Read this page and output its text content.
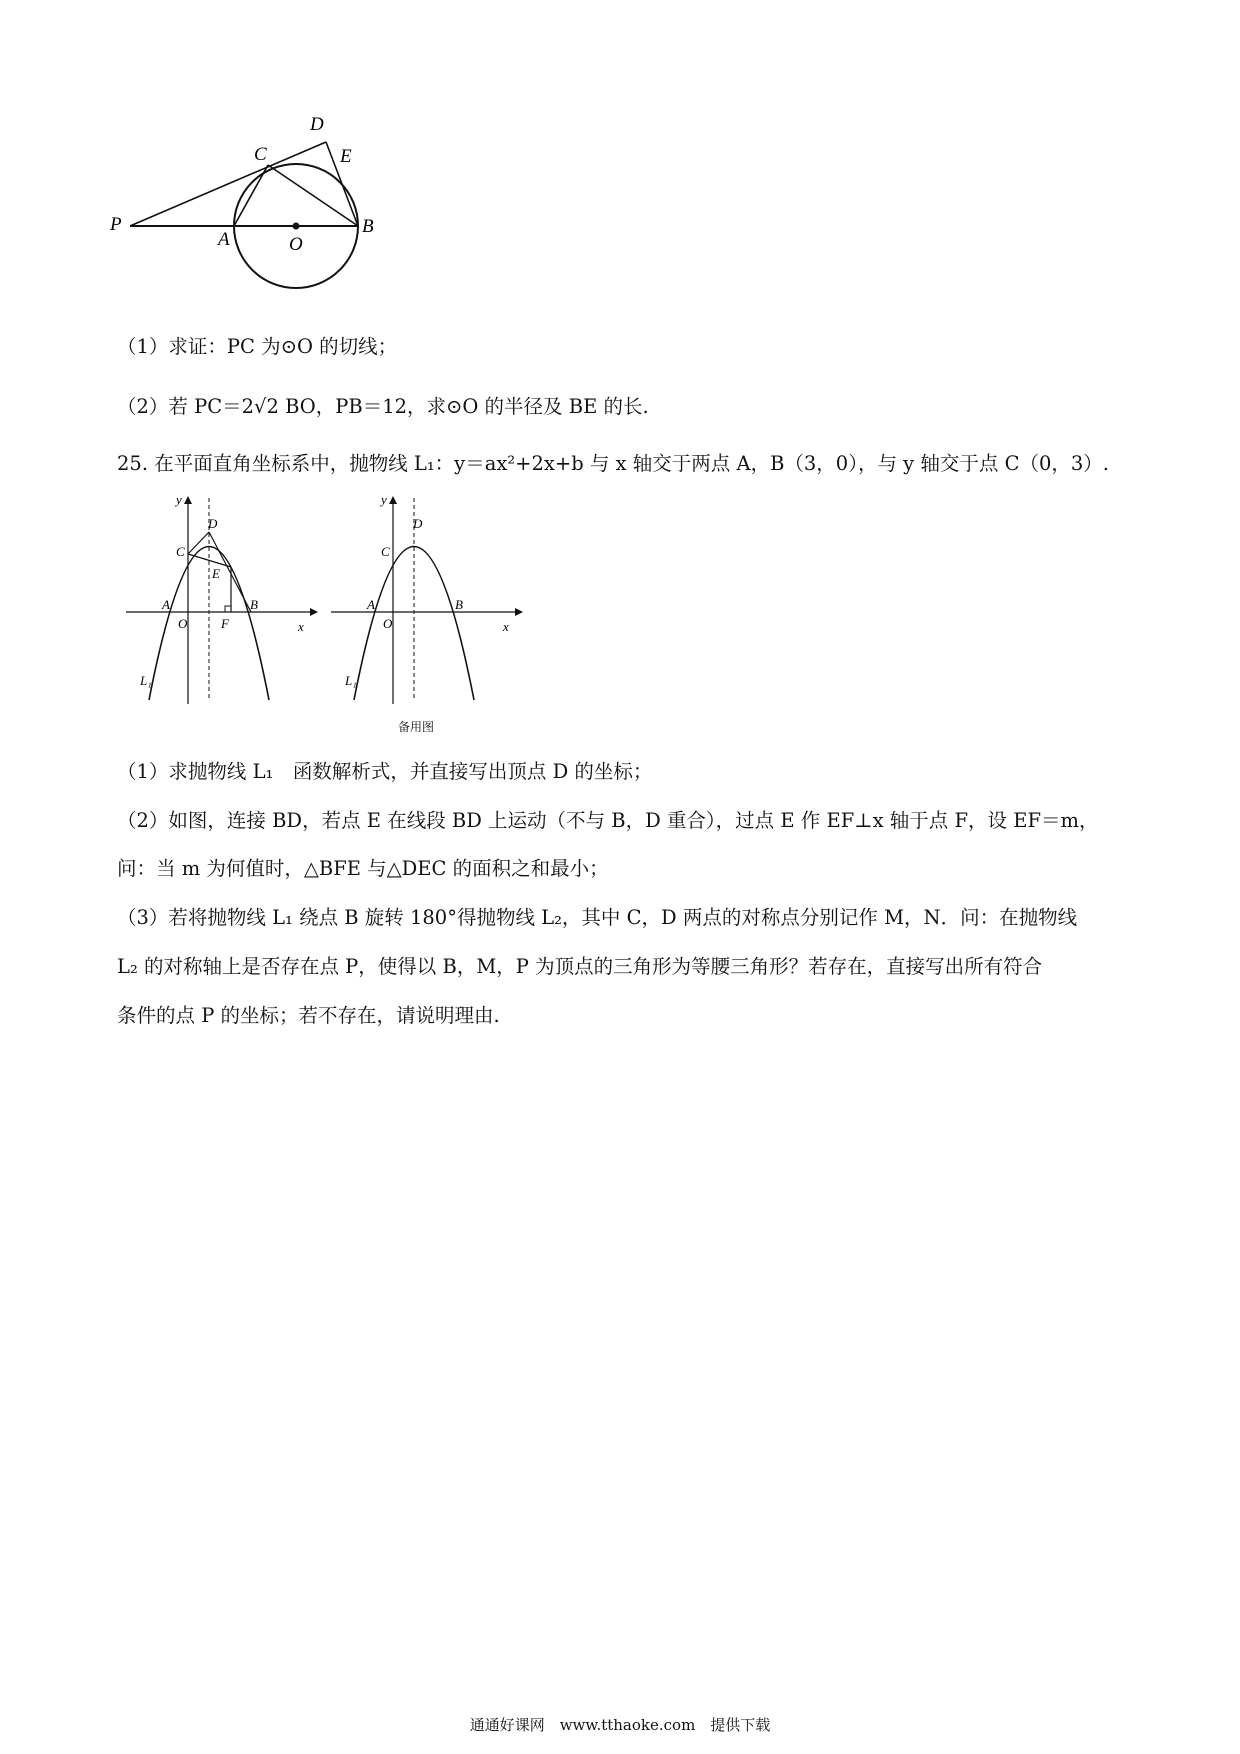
P
A	O
B
C
D
E
（1）求证：PC 为⊙O 的切线；
（2）若 PC＝2√2 BO，PB＝12，求⊙O 的半径及 BE 的长.
25. 在平面直角坐标系中，抛物线 L₁：y＝ax²+2x+b 与 x 轴交于两点 A，B（3，0），与 y 轴交于点 C（0，3）.
y
x
D
C
E
A
O	F
B
L₁
y
x
D
C
A
O
B
L₁
备用图
（1）求抛物线 L₁　函数解析式，并直接写出顶点 D 的坐标；
（2）如图，连接 BD，若点 E 在线段 BD 上运动（不与 B，D 重合），过点 E 作 EF⊥x 轴于点 F，设 EF＝m，
问：当 m 为何值时，△BFE 与△DEC 的面积之和最小；
（3）若将抛物线 L₁ 绕点 B 旋转 180°得抛物线 L₂，其中 C，D 两点的对称点分别记作 M，N．问：在抛物线
L₂ 的对称轴上是否存在点 P，使得以 B，M，P 为顶点的三角形为等腰三角形？若存在，直接写出所有符合
条件的点 P 的坐标；若不存在，请说明理由.
通通好课网　www.tthaoke.com　提供下载
